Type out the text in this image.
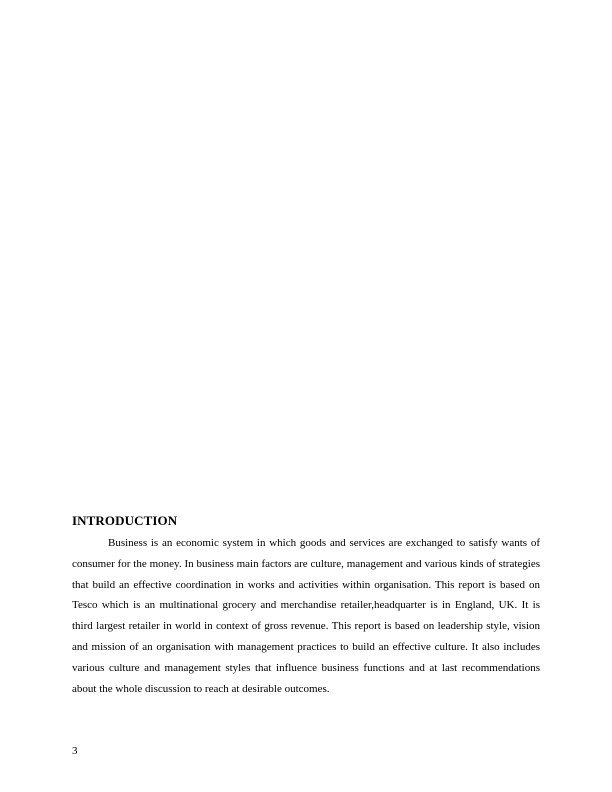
INTRODUCTION

Business is an economic system in which goods and services are exchanged to satisfy wants of consumer for the money. In business main factors are culture, management and various kinds of strategies that build an effective coordination in works and activities within organisation. This report is based on Tesco which is an multinational grocery and merchandise retailer,headquarter is in England, UK. It is third largest retailer in world in context of gross revenue. This report is based on leadership style, vision and mission of an organisation with management practices to build an effective culture. It also includes various culture and management styles that influence business functions and at last recommendations about the whole discussion to reach at desirable outcomes.

3
